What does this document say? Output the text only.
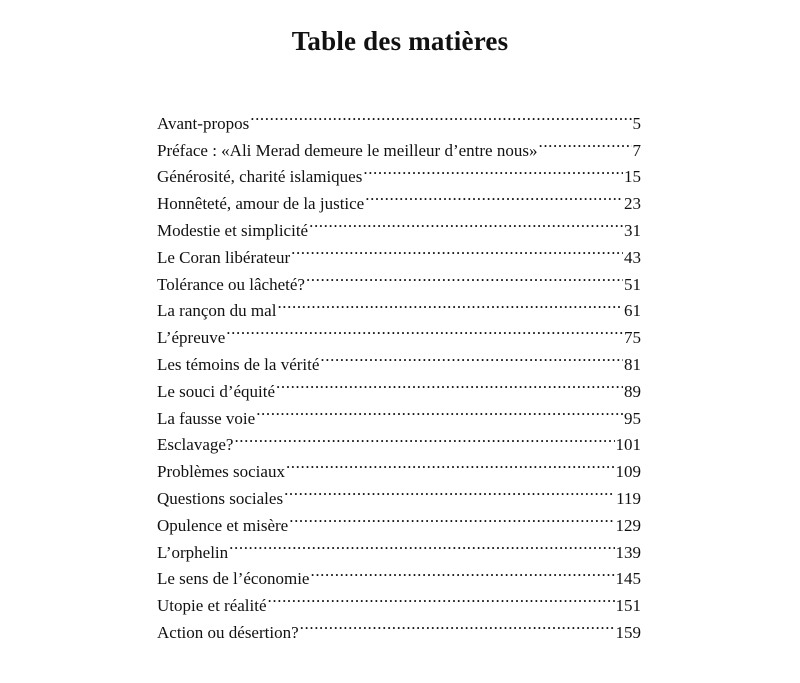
Table des matières
Avant-propos .....	5
Préface : «Ali Merad demeure le meilleur d’entre nous» .....	7
Générosité, charité islamiques .....	15
Honnêteté, amour de la justice .....	23
Modestie et simplicité .....	31
Le Coran libérateur .....	43
Tolérance ou lâcheté? .....	51
La rançon du mal .....	61
L’épreuve .....	75
Les témoins de la vérité .....	81
Le souci d’équité .....	89
La fausse voie .....	95
Esclavage? .....	101
Problèmes sociaux .....	109
Questions sociales .....	119
Opulence et misère .....	129
L’orphelin .....	139
Le sens de l’économie .....	145
Utopie et réalité .....	151
Action ou désertion? .....	159
